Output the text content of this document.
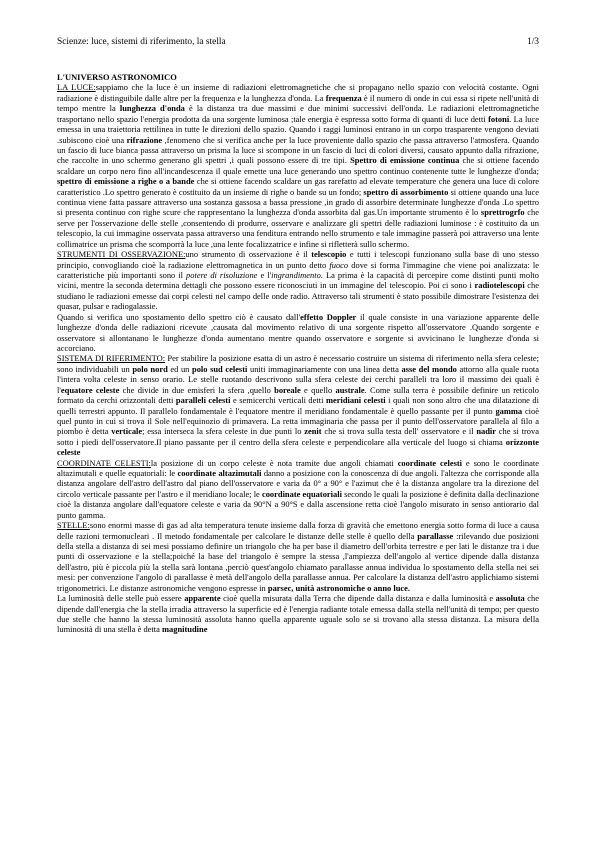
Scienze: luce, sistemi di riferimento, la stella	1/3

L'UNIVERSO ASTRONOMICO

LA LUCE:sappiamo che la luce è un insieme di radiazioni elettromagnetiche che si propagano nello spazio con velocità costante. Ogni radiazione è distinguibile dalle altre per la frequenza e la lunghezza d'onda. La frequenza è il numero di onde in cui essa si ripete nell'unità di tempo mentre la lunghezza d'onda è la distanza tra due massimi e due minimi successivi dell'onda. Le radiazioni elettromagnetiche trasportano nello spazio l'energia prodotta da una sorgente luminosa ;tale energia è espressa sotto forma di quanti di luce detti fotoni. La luce emessa in una traiettoria rettilinea in tutte le direzioni dello spazio. Quando i raggi luminosi entrano in un corpo trasparente vengono deviati .subiscono cioè una rifrazione ,fenomeno che si verifica anche per la luce proveniente dallo spazio che passa attraverso l'atmosfera. Quando un fascio di luce bianca passa attraverso un prisma la luce si scompone in un fascio di luci di colori diversi, causato appunto dalla rifrazione, che raccolte in uno schermo generano gli spettri ,i quali possono essere di tre tipi. Spettro di emissione continua che si ottiene facendo scaldare un corpo nero fino all'incandescenza il quale emette una luce generando uno spettro continuo contenente tutte le lunghezze d'onda; spettro di emissione a righe o a bande che si ottiene facendo scaldare un gas rarefatto ad elevate temperature che genera una luce di colore caratteristico .Lo spettro generato è costituito da un insieme di righe o bande su un fondo; spettro di assorbimento si ottiene quando una luce continua viene fatta passare attraverso una sostanza gassosa a bassa pressione ,in grado di assorbire determinate lunghezze d'onda .Lo spettro si presenta continuo con righe scure che rappresentano la lunghezza d'onda assorbita dal gas.Un importante strumento è lo sprettrogrfo che serve per l'osservazione delle stelle ,consentendo di produrre, osservare e analizzare gli spettri delle radiazioni luminose : è costituito da un telescopio, la cui immagine osservata passa attraverso una fenditura entrando nello strumento e tale immagine passerà poi attraverso una lente collimatrice un prisma che scomporrà la luce ,una lente focalizzatrice e infine si rifletterà sullo schermo.

STRUMENTI DI OSSERVAZIONE:uno strumento di osservazione è il telescopio e tutti i telescopi funzionano sulla base di uno stesso principio, convogliando cioè la radiazione elettromagnetica in un punto detto fuoco dove si forma l'immagine che viene poi analizzata: le caratteristiche più importanti sono il potere di risoluzione e l'ingrandimento. La prima è la capacità di percepire come distinti punti molto vicini, mentre la seconda determina dettagli che possono essere riconosciuti in un immagine del telescopio. Poi ci sono i radiotelescopi che studiano le radiazioni emesse dai corpi celesti nel campo delle onde radio. Attraverso tali strumenti è stato possibile dimostrare l'esistenza dei quasar, pulsar e radiogalassie.

Quando si verifica uno spostamento dello spettro ciò è causato dall'effetto Doppler il quale consiste in una variazione apparente delle lunghezze d'onda delle radiazioni ricevute ,causata dal movimento relativo di una sorgente rispetto all'osservatore .Quando sorgente e osservatore si allontanano le lunghezze d'onda aumentano mentre quando osservatore e sorgente si avvicinano le lunghezze d'onda si accorciano.

SISTEMA DI RIFERIMENTO: Per stabilire la posizione esatta di un astro è necessario costruire un sistema di riferimento nella sfera celeste; sono individuabili un polo nord ed un polo sud celesti uniti immaginariamente con una linea detta asse del mondo attorno alla quale ruota l'intera volta celeste in senso orario. Le stelle ruotando descrivono sulla sfera celeste dei cerchi paralleli tra loro il massimo dei quali è l'equatore celeste che divide in due emisferi la sfera ,quello boreale e quello australe. Come sulla terra è possibile definire un reticolo formato da cerchi orizzontali detti paralleli celesti e semicerchi verticali detti meridiani celesti i quali non sono altro che una dilatazione di quelli terrestri appunto. Il parallelo fondamentale è l'equatore mentre il meridiano fondamentale è quello passante per il punto gamma cioè quel punto in cui si trova il Sole nell'equinozio di primavera. La retta immaginaria che passa per il punto dell'osservatore parallela al filo a piombo è detta verticale; essa interseca la sfera celeste in due punti lo zenit che si trova sulla testa dell' osservatore e il nadir che si trova sotto i piedi dell'osservatore.Il piano passante per il centro della sfera celeste e perpendicolare alla verticale del luogo si chiama orizzonte celeste

COORDINATE CELESTI:la posizione di un corpo celeste è nota tramite due angoli chiamati coordinate celesti e sono le coordinate altazimutali e quelle equatoriali: le coordinate altazimutali danno a posizione con la conoscenza di due angoli. l'altezza che corrisponde alla distanza angolare dell'astro dell'astro dal piano dell'osservatore e varia da 0° a 90° e l'azimut che è la distanza angolare tra la direzione del circolo verticale passante per l'astro e il meridiano locale; le coordinate equatoriali secondo le quali la posizione è definita dalla declinazione cioè la distanza angolare dall'equatore celeste e varia da 90°N a 90°S e dalla ascensione retta cioè l'angolo misurato in senso antiorario dal punto gamma.

STELLE:sono enormi masse di gas ad alta temperatura tenute insieme dalla forza di gravità che emettono energia sotto forma di luce a causa delle razioni termonucleari . Il metodo fondamentale per calcolare le distanze delle stelle è quello della parallasse :rilevando due posizioni della stella a distanza di sei mesi possiamo definire un triangolo che ha per base il diametro dell'orbita terrestre e per lati le distanze tra i due punti di osservazione e la stella;poiché la base del triangolo è sempre la stessa ,l'ampiezza dell'angolo al vertice dipende dalla distanza dell'astro, più è piccola più la stella sarà lontana ,perciò quest'angolo chiamato parallasse annua individua lo spostamento della stella nei sei mesi: per convenzione l'angolo di parallasse è metà dell'angolo della parallasse annua. Per calcolare la distanza dell'astro applichiamo sistemi trigonometrici. Le distanze astronomiche vengono espresse in parsec, unità astronomiche o anno luce.

La luminosità delle stelle può essere apparente cioè quella misurata dalla Terra che dipende dalla distanza e dalla luminosità e assoluta che dipende dall'energia che la stella irradia attraverso la superficie ed è l'energia radiante totale emessa dalla stella nell'unità di tempo; per questo due stelle che hanno la stessa luminosità assoluta hanno quella apparente uguale solo se si trovano alla stessa distanza. La misura della luminosità di una stella è detta magnitudine
